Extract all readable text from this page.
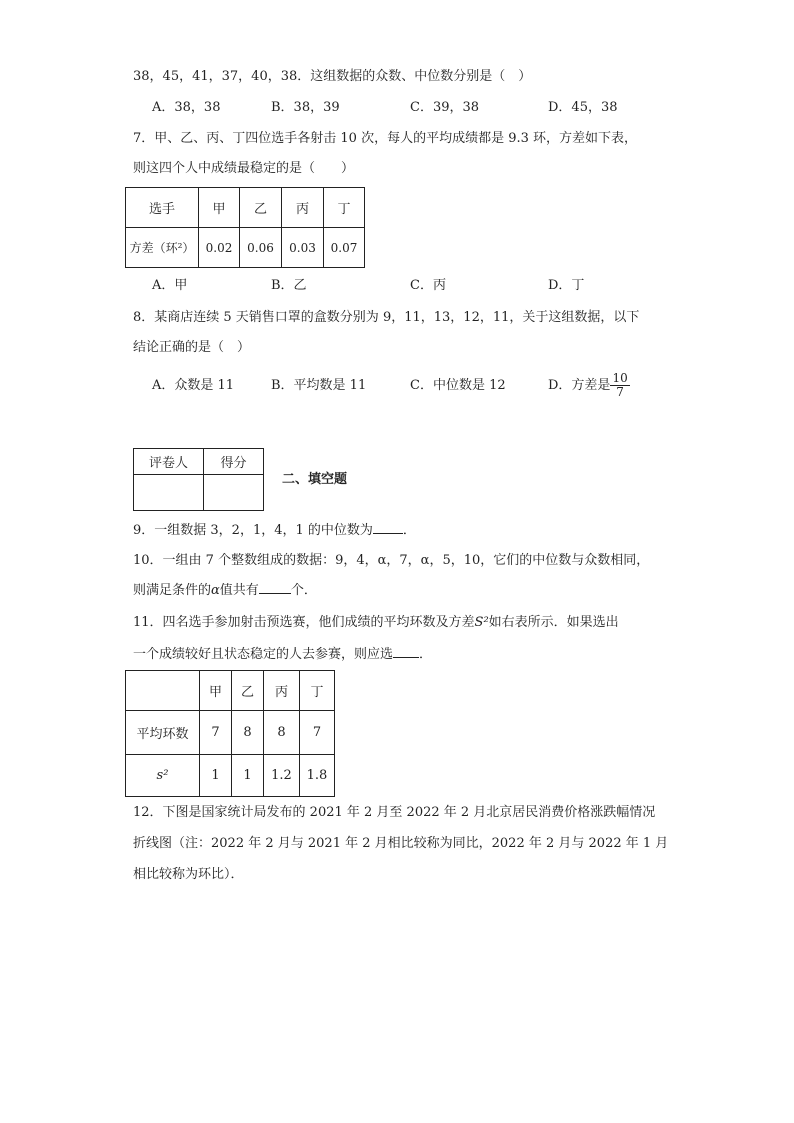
38，45，41，37，40，38．这组数据的众数、中位数分别是（　）
A．38，38	B．38，39	C．39，38	D．45，38
7．甲、乙、丙、丁四位选手各射击 10 次，每人的平均成绩都是 9.3 环，方差如下表，
则这四个人中成绩最稳定的是（　　）
选手	甲	乙	丙	丁
方差（环²）	0.02	0.06	0.03	0.07
A．甲	B．乙	C．丙	D．丁
8．某商店连续 5 天销售口罩的盒数分别为 9，11，13，12，11，关于这组数据，以下
结论正确的是（　）
A．众数是 11	B．平均数是 11	C．中位数是 12	D．方差是 $\frac{10}{7}$
评卷人	得分

二、填空题
9．一组数据 3，2，1，4，1 的中位数为 ．
10．一组由 7 个整数组成的数据：9，4，α，7，α，5，10，它们的中位数与众数相同，
则满足条件的α值共有 个．
11．四名选手参加射击预选赛，他们成绩的平均环数及方差S²如右表所示．如果选出
一个成绩较好且状态稳定的人去参赛，则应选 ．
	甲	乙	丙	丁
平均环数	7	8	8	7
s²	1	1	1.2	1.8
12．下图是国家统计局发布的 2021 年 2 月至 2022 年 2 月北京居民消费价格涨跌幅情况
折线图（注：2022 年 2 月与 2021 年 2 月相比较称为同比，2022 年 2 月与 2022 年 1 月
相比较称为环比）．
